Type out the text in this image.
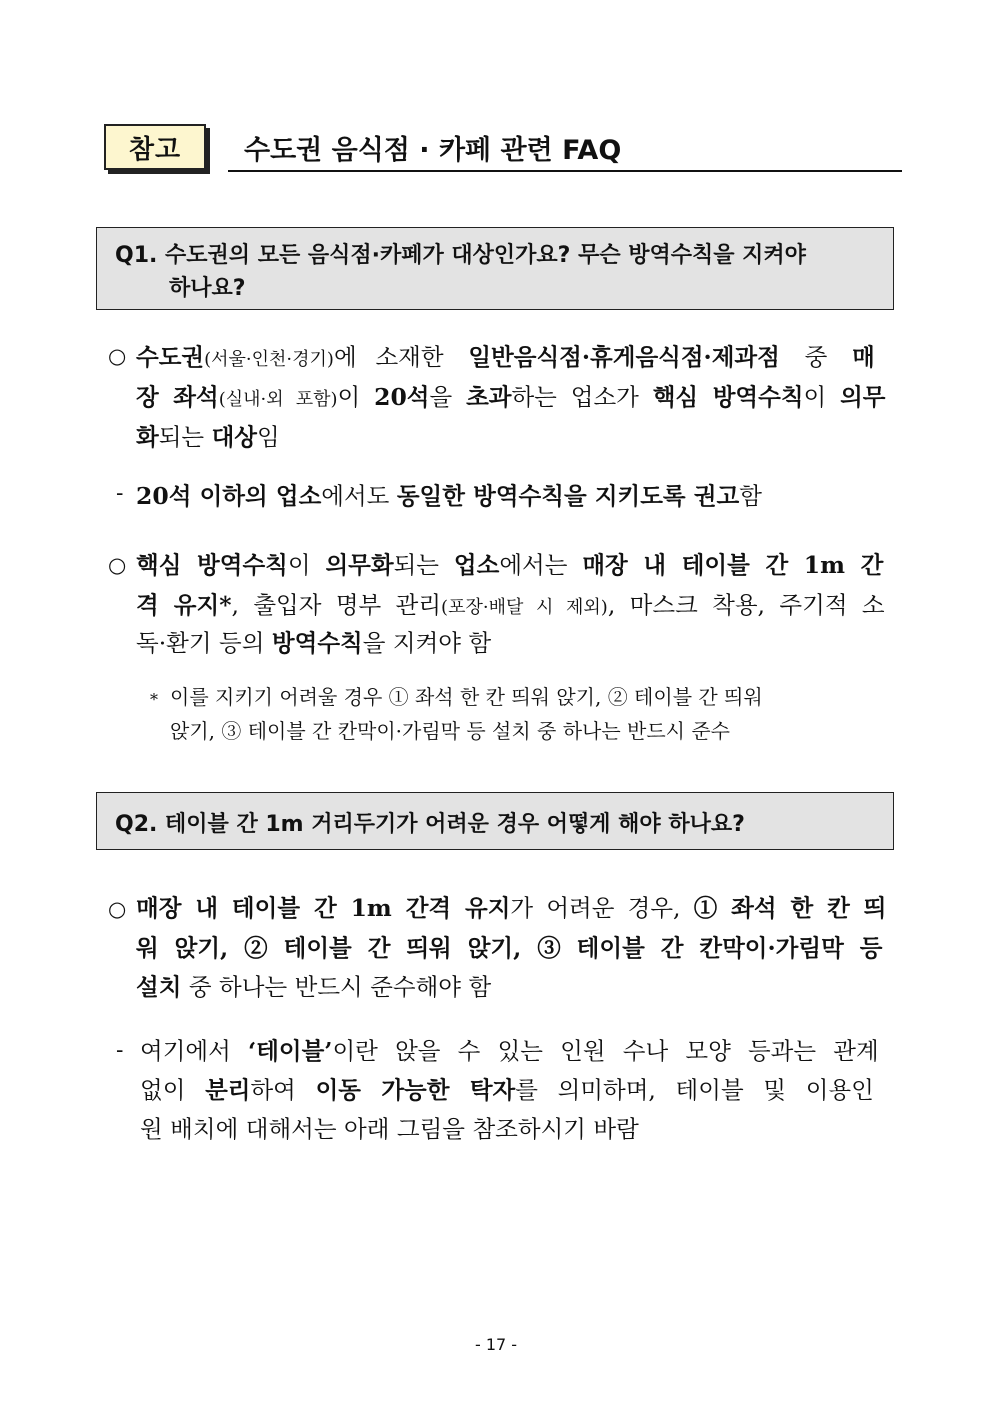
참고	수도권 음식점 · 카페 관련 FAQ
Q1. 수도권의 모든 음식점·카페가 대상인가요? 무슨 방역수칙을 지켜야
하나요?
○ 수도권(서울·인천·경기)에 소재한 일반음식점·휴게음식점·제과점 중 매
장 좌석(실내·외 포함)이 20석을 초과하는 업소가 핵심 방역수칙이 의무
화되는 대상임
- 20석 이하의 업소에서도 동일한 방역수칙을 지키도록 권고함
○ 핵심 방역수칙이 의무화되는 업소에서는 매장 내 테이블 간 1m 간
격 유지*, 출입자 명부 관리(포장·배달 시 제외), 마스크 착용, 주기적 소
독·환기 등의 방역수칙을 지켜야 함
* 이를 지키기 어려울 경우 ① 좌석 한 칸 띄워 앉기, ② 테이블 간 띄워
앉기, ③ 테이블 간 칸막이·가림막 등 설치 중 하나는 반드시 준수
Q2. 테이블 간 1m 거리두기가 어려운 경우 어떻게 해야 하나요?
○ 매장 내 테이블 간 1m 간격 유지가 어려운 경우, ① 좌석 한 칸 띄
워 앉기, ② 테이블 간 띄워 앉기, ③ 테이블 간 칸막이·가림막 등
설치 중 하나는 반드시 준수해야 함
- 여기에서 ‘테이블’이란 앉을 수 있는 인원 수나 모양 등과는 관계
없이 분리하여 이동 가능한 탁자를 의미하며, 테이블 및 이용인
원 배치에 대해서는 아래 그림을 참조하시기 바람
- 17 -
